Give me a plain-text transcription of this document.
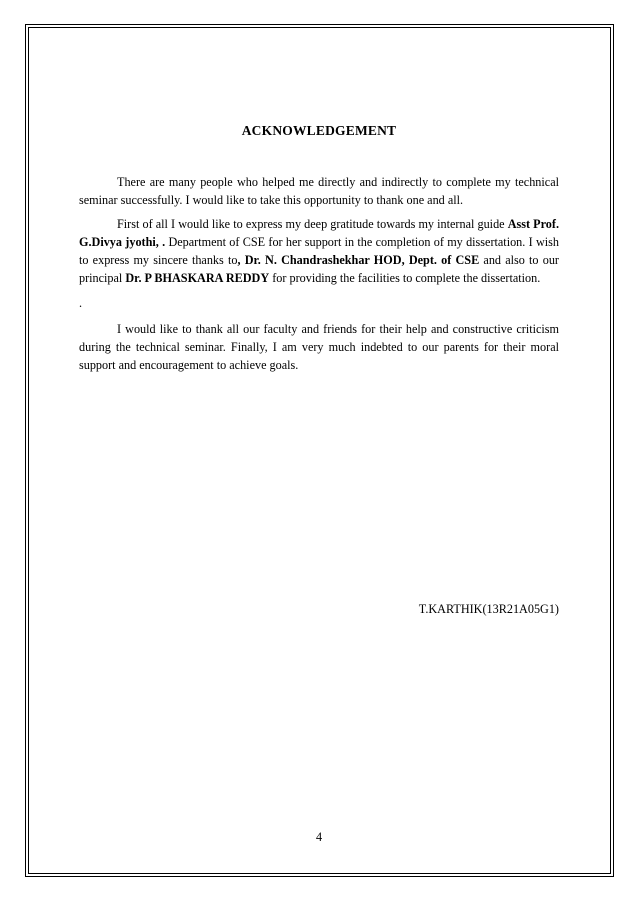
ACKNOWLEDGEMENT

There are many people who helped me directly and indirectly to complete my technical seminar successfully. I would like to take this opportunity to thank one and all.

First of all I would like to express my deep gratitude towards my internal guide Asst Prof. G.Divya jyothi, . Department of CSE for her support in the completion of my dissertation. I wish to express my sincere thanks to, Dr. N. Chandrashekhar HOD, Dept. of CSE and also to our principal Dr. P BHASKARA REDDY for providing the facilities to complete the dissertation.

.

I would like to thank all our faculty and friends for their help and constructive criticism during the technical seminar. Finally, I am very much indebted to our parents for their moral support and encouragement to achieve goals.

T.KARTHIK(13R21A05G1)
4
